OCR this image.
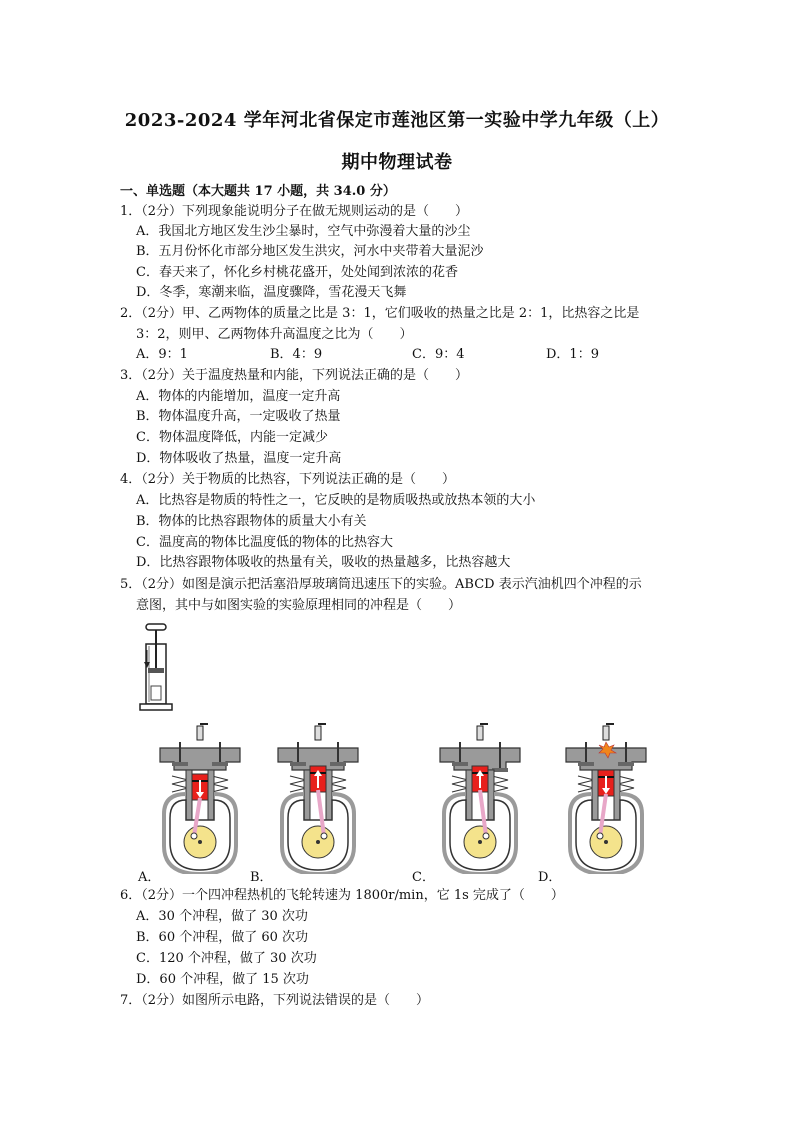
2023-2024 学年河北省保定市莲池区第一实验中学九年级（上）
期中物理试卷
一、单选题（本大题共 17 小题，共 34.0 分）
1．（2分）下列现象能说明分子在做无规则运动的是（　　）
A．我国北方地区发生沙尘暴时，空气中弥漫着大量的沙尘
B．五月份怀化市部分地区发生洪灾，河水中夹带着大量泥沙
C．春天来了，怀化乡村桃花盛开，处处闻到浓浓的花香
D．冬季，寒潮来临，温度骤降，雪花漫天飞舞
2．（2分）甲、乙两物体的质量之比是 3：1，它们吸收的热量之比是 2：1，比热容之比是
3：2，则甲、乙两物体升高温度之比为（　　）
A．9：1	B．4：9	C．9：4	D．1：9
3．（2分）关于温度热量和内能，下列说法正确的是（　　）
A．物体的内能增加，温度一定升高
B．物体温度升高，一定吸收了热量
C．物体温度降低，内能一定减少
D．物体吸收了热量，温度一定升高
4．（2分）关于物质的比热容，下列说法正确的是（　　）
A．比热容是物质的特性之一，它反映的是物质吸热或放热本领的大小
B．物体的比热容跟物体的质量大小有关
C．温度高的物体比温度低的物体的比热容大
D．比热容跟物体吸收的热量有关，吸收的热量越多，比热容越大
5．（2分）如图是演示把活塞沿厚玻璃筒迅速压下的实验。ABCD 表示汽油机四个冲程的示
意图，其中与如图实验的实验原理相同的冲程是（　　）
A．	B．	C．	D．
6．（2分）一个四冲程热机的飞轮转速为 1800r/min，它 1s 完成了（　　）
A．30 个冲程，做了 30 次功
B．60 个冲程，做了 60 次功
C．120 个冲程，做了 30 次功
D．60 个冲程，做了 15 次功
7．（2分）如图所示电路，下列说法错误的是（　　）
